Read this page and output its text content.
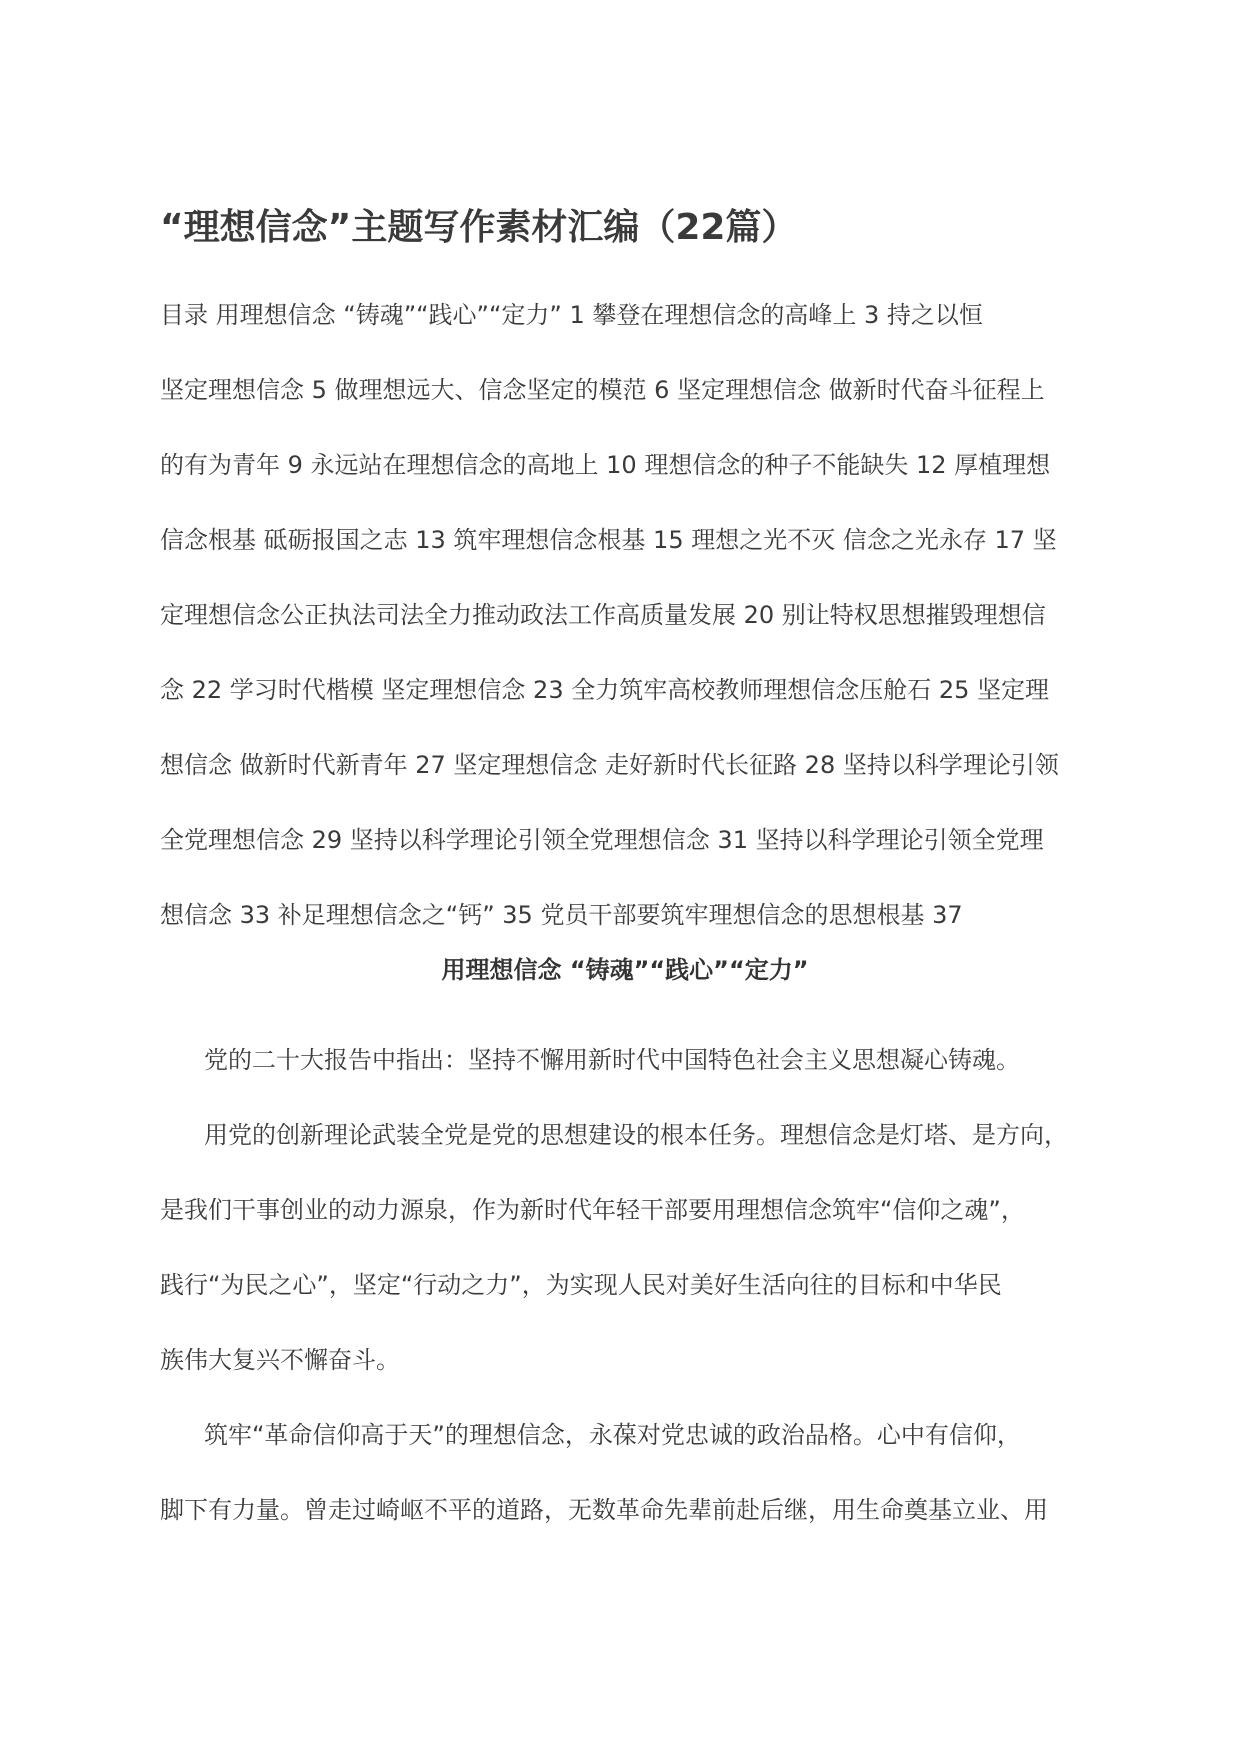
“理想信念”主题写作素材汇编（22篇）
目录 用理想信念 “铸魂”“践心”“定力” 1 攀登在理想信念的高峰上 3 持之以恒
坚定理想信念 5 做理想远大、信念坚定的模范 6 坚定理想信念 做新时代奋斗征程上
的有为青年 9 永远站在理想信念的高地上 10 理想信念的种子不能缺失 12 厚植理想
信念根基 砥砺报国之志 13 筑牢理想信念根基 15 理想之光不灭 信念之光永存 17 坚
定理想信念公正执法司法全力推动政法工作高质量发展 20 别让特权思想摧毁理想信
念 22 学习时代楷模 坚定理想信念 23 全力筑牢高校教师理想信念压舱石 25 坚定理
想信念 做新时代新青年 27 坚定理想信念 走好新时代长征路 28 坚持以科学理论引领
全党理想信念 29 坚持以科学理论引领全党理想信念 31 坚持以科学理论引领全党理
想信念 33 补足理想信念之“钙” 35 党员干部要筑牢理想信念的思想根基 37
用理想信念 “铸魂”“践心”“定力”
党的二十大报告中指出：坚持不懈用新时代中国特色社会主义思想凝心铸魂。
用党的创新理论武装全党是党的思想建设的根本任务。理想信念是灯塔、是方向，
是我们干事创业的动力源泉，作为新时代年轻干部要用理想信念筑牢“信仰之魂”，
践行“为民之心”，坚定“行动之力”，为实现人民对美好生活向往的目标和中华民
族伟大复兴不懈奋斗。
筑牢“革命信仰高于天”的理想信念，永葆对党忠诚的政治品格。心中有信仰，
脚下有力量。曾走过崎岖不平的道路，无数革命先辈前赴后继，用生命奠基立业、用
